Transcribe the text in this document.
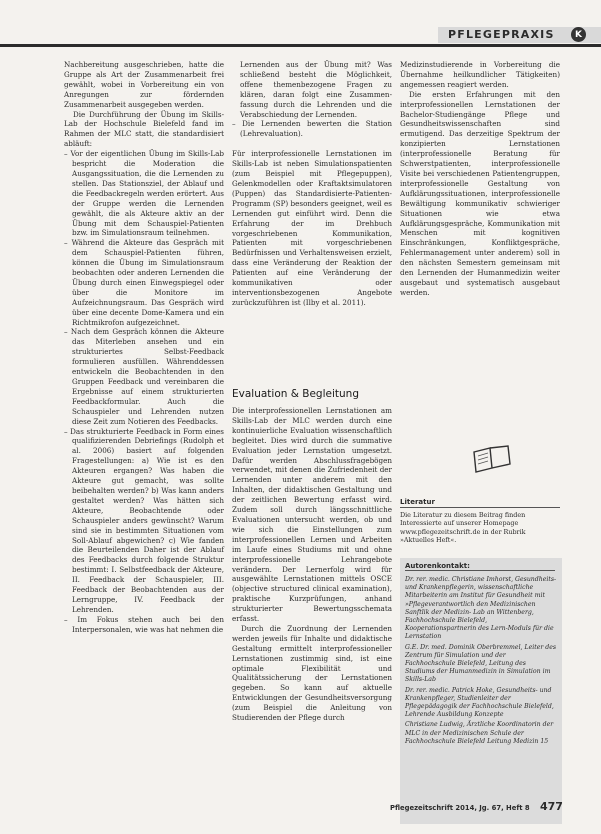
PFLEGEPRAXIS	K

Nachbereitung ausgeschrieben, hatte die Gruppe als Art der Zusammenarbeit frei gewählt, wobei in Vorbereitung ein von Anregungen zur fördernden Zusammenarbeit ausgegeben werden.

Die Durchführung der Übung im Skills-Lab der Hochschule Bielefeld fand im Rahmen der MLC statt, die standardisiert abläuft:

– Vor der eigentlichen Übung im Skills-Lab bespricht die Moderation die Ausgangssituation, die die Lernenden zu stellen. Das Stationsziel, der Ablauf und die Feedbackregeln werden erörtert. Aus der Gruppe werden die Lernenden gewählt, die als Akteure aktiv an der Übung mit dem Schauspiel-Patienten bzw. im Simulationsraum teilnehmen.

– Während die Akteure das Gespräch mit dem Schauspiel-Patienten führen, können die Übung im Simulationsraum beobachten oder anderen Lernenden die Übung durch einen Einwegspiegel oder über die Monitore im Aufzeichnungsraum. Das Gespräch wird über eine decente Dome-Kamera und ein Richtmikrofon aufgezeichnet.

– Nach dem Gespräch können die Akteure das Miterleben ansehen und ein strukturiertes Selbst-Feedback formulieren ausfüllen. Währenddessen entwickeln die Beobachtenden in den Gruppen Feedback und vereinbaren die Ergebnisse auf einem strukturierten Feedbackformular. Auch die Schauspieler und Lehrenden nutzen diese Zeit zum Notieren des Feedbacks.

– Das strukturierte Feedback in Form eines qualifizierenden Debriefings (Rudolph et al. 2006) basiert auf folgenden Fragestellungen: a) Wie ist es den Akteuren ergangen? Was haben die Akteure gut gemacht, was sollte beibehalten werden? b) Was kann anders gestaltet werden? Was hätten sich Akteure, Beobachtende oder Schauspieler anders gewünscht? Warum sind sie in bestimmten Situationen vom Soll-Ablauf abgewichen? c) Wie fanden die Beurteilenden Daher ist der Ablauf des Feedbacks durch folgende Struktur bestimmt: I. Selbstfeedback der Akteure, II. Feedback der Schauspieler, III. Feedback der Beobachtenden aus der Lerngruppe, IV. Feedback der Lehrenden.

– Im Fokus stehen auch bei den Interpersonalen, wie was hat nehmen die

Lernenden aus der Übung mit? Was schließend besteht die Möglichkeit, offene themenbezogene Fragen zu klären, daran folgt eine Zusammen- fassung durch die Lehrenden und die Verabschiedung der Lernenden.

– Die Lernenden bewerten die Station (Lehrevaluation).

Für interprofessionelle Lernstationen im Skills-Lab ist neben Simulationspatienten (zum Beispiel mit Pflegepuppen), Gelenkmodellen oder Kraftaktsimulatoren (Puppen) das Standardisierte-Patienten-Programm (SP) besonders geeignet, weil es Lernenden gut einführt wird. Denn die Erfahrung der im Drehbuch vorgeschriebenen Kommunikation, Patienten mit vorgeschriebenen Bedürfnissen und Verhaltensweisen erzielt, dass eine Veränderung der Reaktion der Patienten auf eine Veränderung der kommunikativen oder interventionsbezogenen Angebote zurückzuführen ist (Ilby et al. 2011).

Evaluation & Begleitung

Die interprofessionellen Lernstationen am Skills-Lab der MLC werden durch eine kontinuierliche Evaluation wissenschaftlich begleitet. Dies wird durch die summative Evaluation jeder Lernstation umgesetzt. Dafür werden Abschlussfragebögen verwendet, mit denen die Zufriedenheit der Lernenden unter anderem mit den Inhalten, der didaktischen Gestaltung und der zeitlichen Bewertung erfasst wird. Zudem soll durch längsschnittliche Evaluationen untersucht werden, ob und wie sich die Einstellungen zum interprofessionellen Lernen und Arbeiten im Laufe eines Studiums mit und ohne interprofessionelle Lehrangebote verändern. Der Lernerfolg wird für ausgewählte Lernstationen mittels OSCE (objective structured clinical examination), praktische Kurzprüfungen, anhand strukturierter Bewertungsschemata erfasst.

Durch die Zuordnung der Lernenden werden jeweils für Inhalte und didaktische Gestaltung ermittelt interprofessioneller Lernstationen zustimmig sind, ist eine optimale Flexibilität und Qualitätssicherung der Lernstationen gegeben. So kann auf aktuelle Entwicklungen der Gesundheitsversorgung (zum Beispiel die Anleitung von Studierenden der Pflege durch

Medizinstudierende in Vorbereitung die Übernahme heilkundlicher Tätigkeiten) angemessen reagiert werden.

Die ersten Erfahrungen mit den interprofessionellen Lernstationen der Bachelor-Studiengänge Pflege und Gesundheitswissenschaften sind ermutigend. Das derzeitige Spektrum der konzipierten Lernstationen (interprofessionelle Beratung für Schwerstpatienten, interprofessionelle Visite bei verschiedenen Patientengruppen, interprofessionelle Gestaltung von Aufklärungssituationen, interprofessionelle Bewältigung kommunikativ schwieriger Situationen wie etwa Aufklärungsgespräche, Kommunikation mit Menschen mit kognitiven Einschränkungen, Konfliktgespräche, Fehlermanagement unter anderem) soll in den nächsten Semestern gemeinsam mit den Lernenden der Humanmedizin weiter ausgebaut und systematisch ausgebaut werden.

Literatur
Die Literatur zu diesem Beitrag finden Interessierte auf unserer Homepage www.pflegezeitschrift.de in der Rubrik »Aktuelles Heft«.
Autorenkontakt:

Dr. rer. medic. Christiane Imhorst, Gesundheits- und Krankenpflegerin, wissenschaftliche Mitarbeiterin am Institut für Gesundheit mit »Pflegeverantwortlich den Medizinischen Sanftlik der Medizin- Lab an Wittenberg, Fachhochschule Bielefeld, Kooperationspartnerin des Lern-Moduls für die Lernstation

G.E. Dr. med. Dominik Oberbremmel, Leiter des Zentrum für Simulation und der Fachhochschule Bielefeld, Leitung des Studiums der Humanmedizin in Simulation im Skills-Lab

Dr. rer. medic. Patrick Hoke, Gesundheits- und Krankenpfleger, Studienleiter der Pflegepädagogik der Fachhochschule Bielefeld, Lehrende Ausbildung Konzepte

Christiane Ludwig, Ärztliche Koordinatorin der MLC in der Medizinischen Schule der Fachhochschule Bielefeld Leitung Medizin 15

Pflegezeitschrift 2014, Jg. 67, Heft 8 477
